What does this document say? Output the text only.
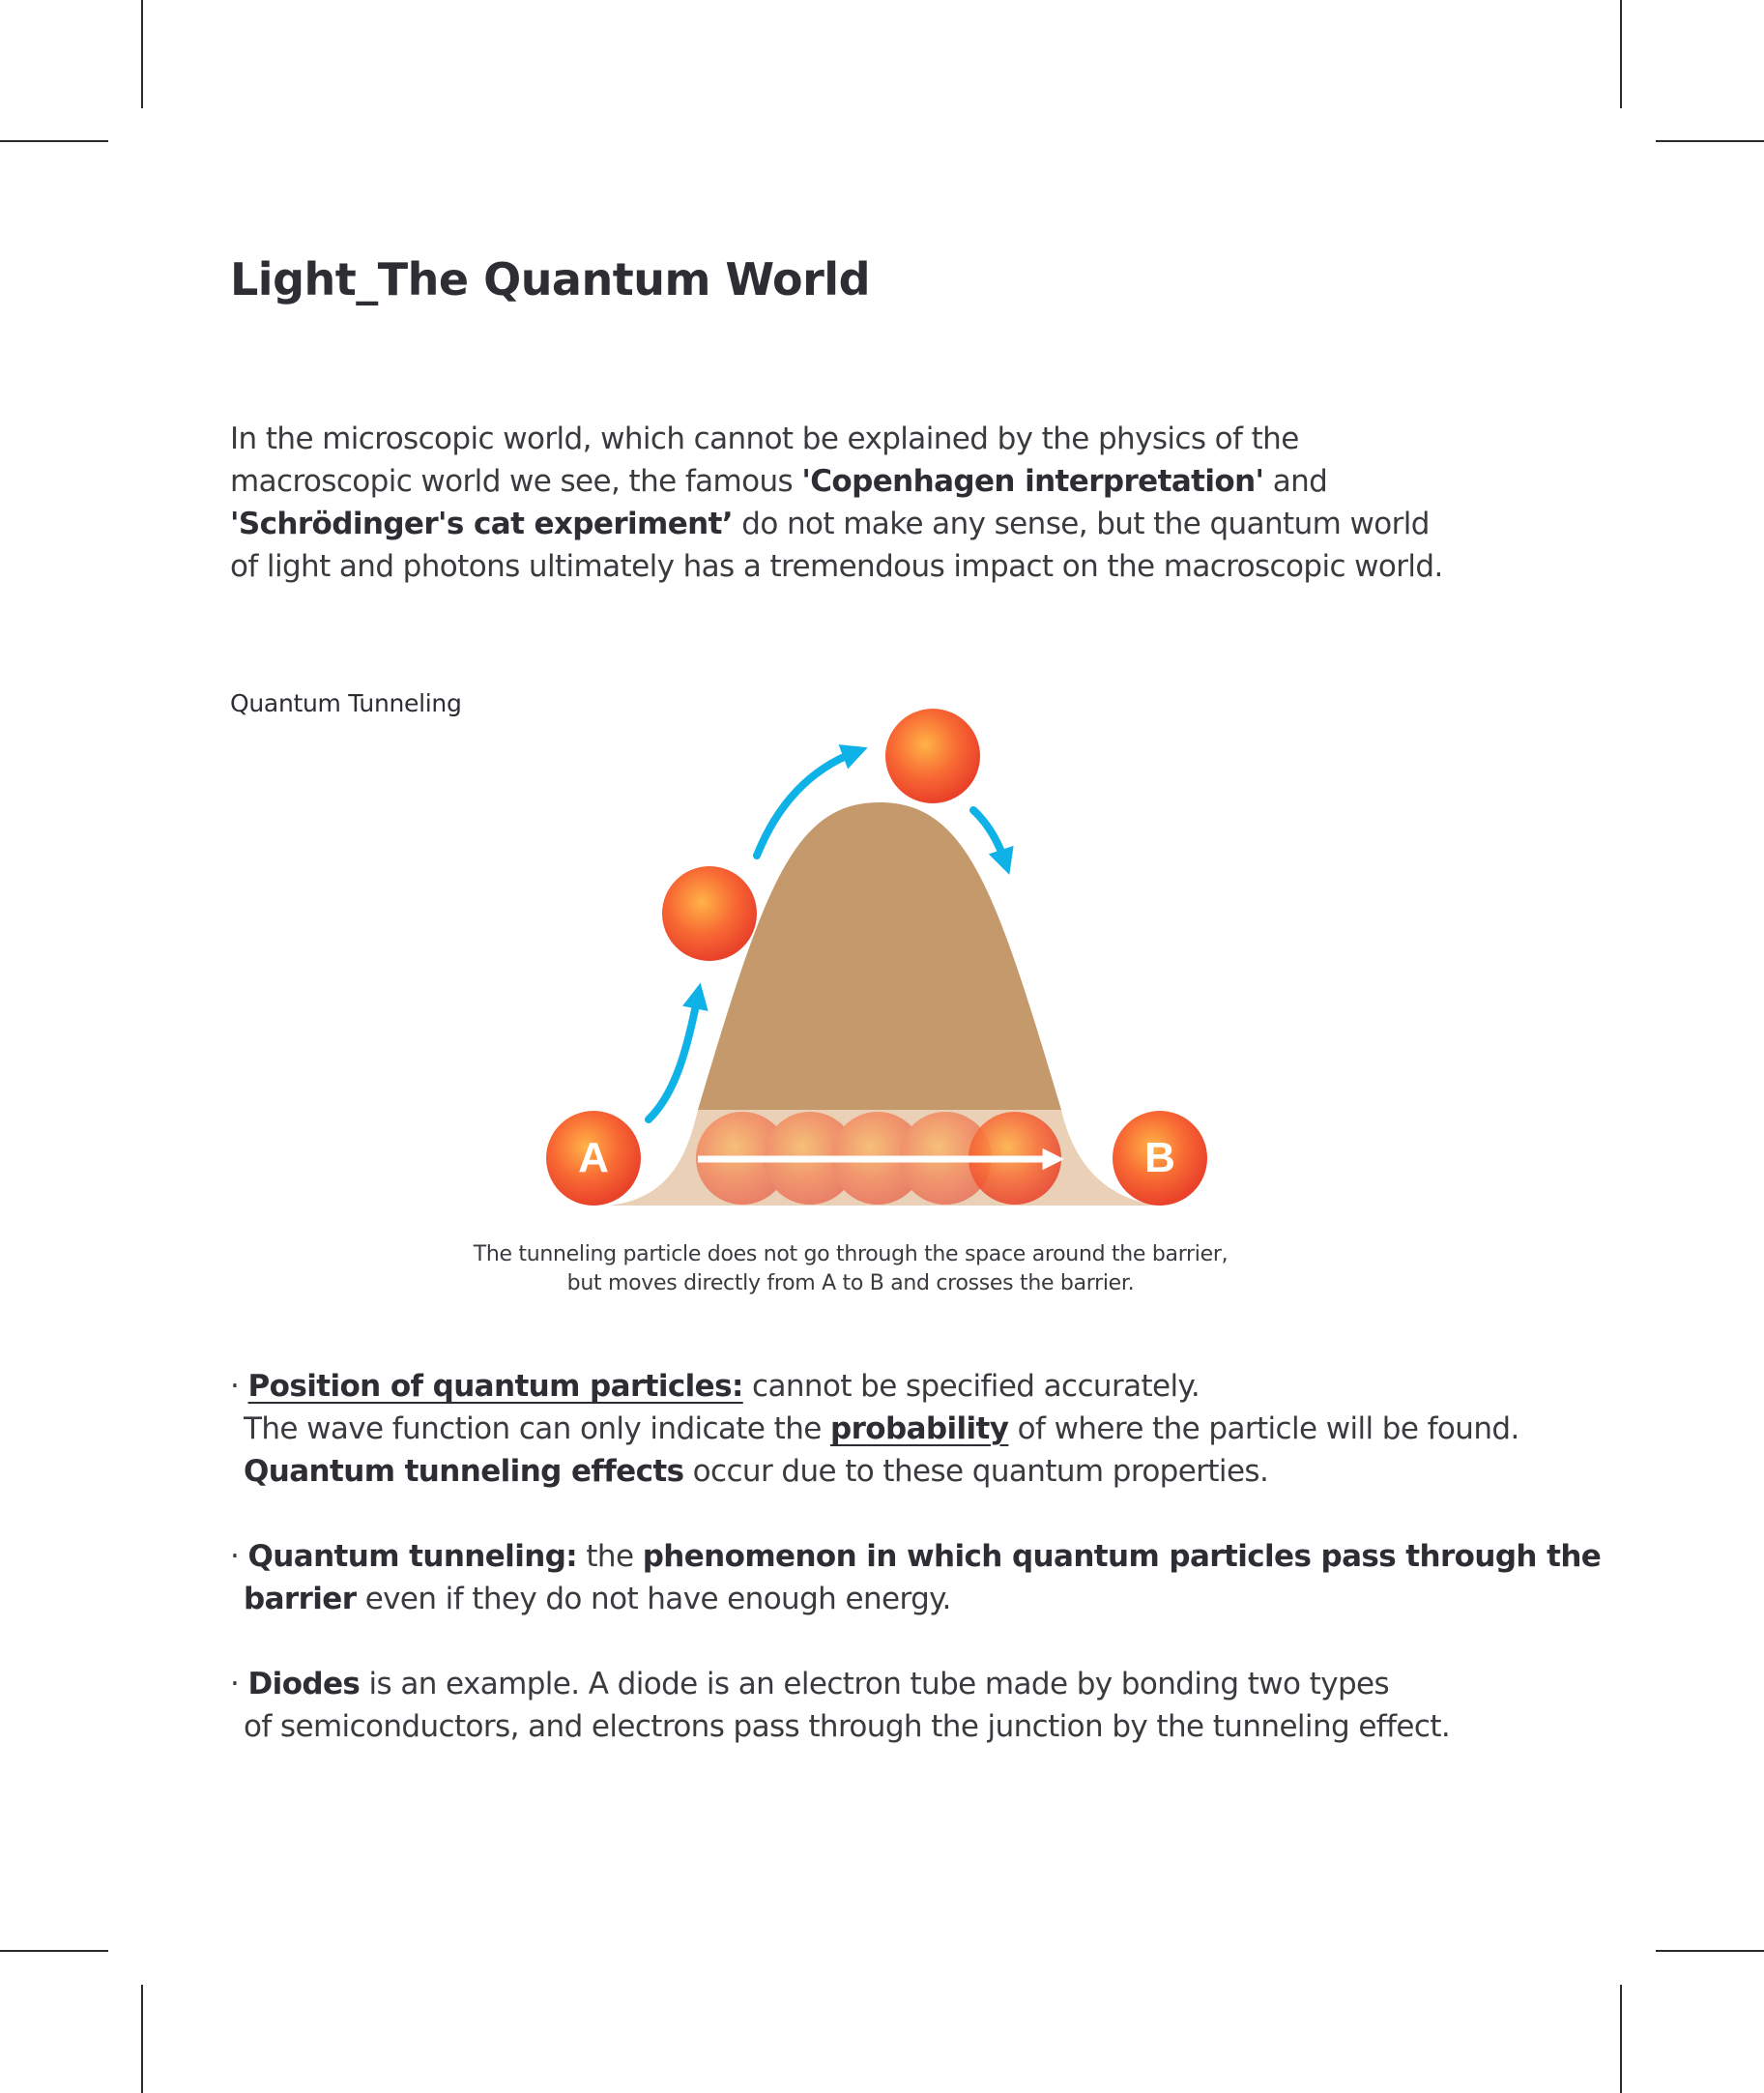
Light_The Quantum World

In the microscopic world, which cannot be explained by the physics of the macroscopic world we see, the famous 'Copenhagen interpretation' and
'Schrödinger's cat experiment’ do not make any sense, but the quantum world of light and photons ultimately has a tremendous impact on the macroscopic world.

Quantum Tunneling
A	B
The tunneling particle does not go through the space around the barrier,
but moves directly from A to B and crosses the barrier.
· Position of quantum particles: cannot be specified accurately.
The wave function can only indicate the probability of where the particle will be found.
Quantum tunneling effects occur due to these quantum properties.
· Quantum tunneling: the phenomenon in which quantum particles pass through the
barrier even if they do not have enough energy.
· Diodes is an example. A diode is an electron tube made by bonding two types
of semiconductors, and electrons pass through the junction by the tunneling effect.
